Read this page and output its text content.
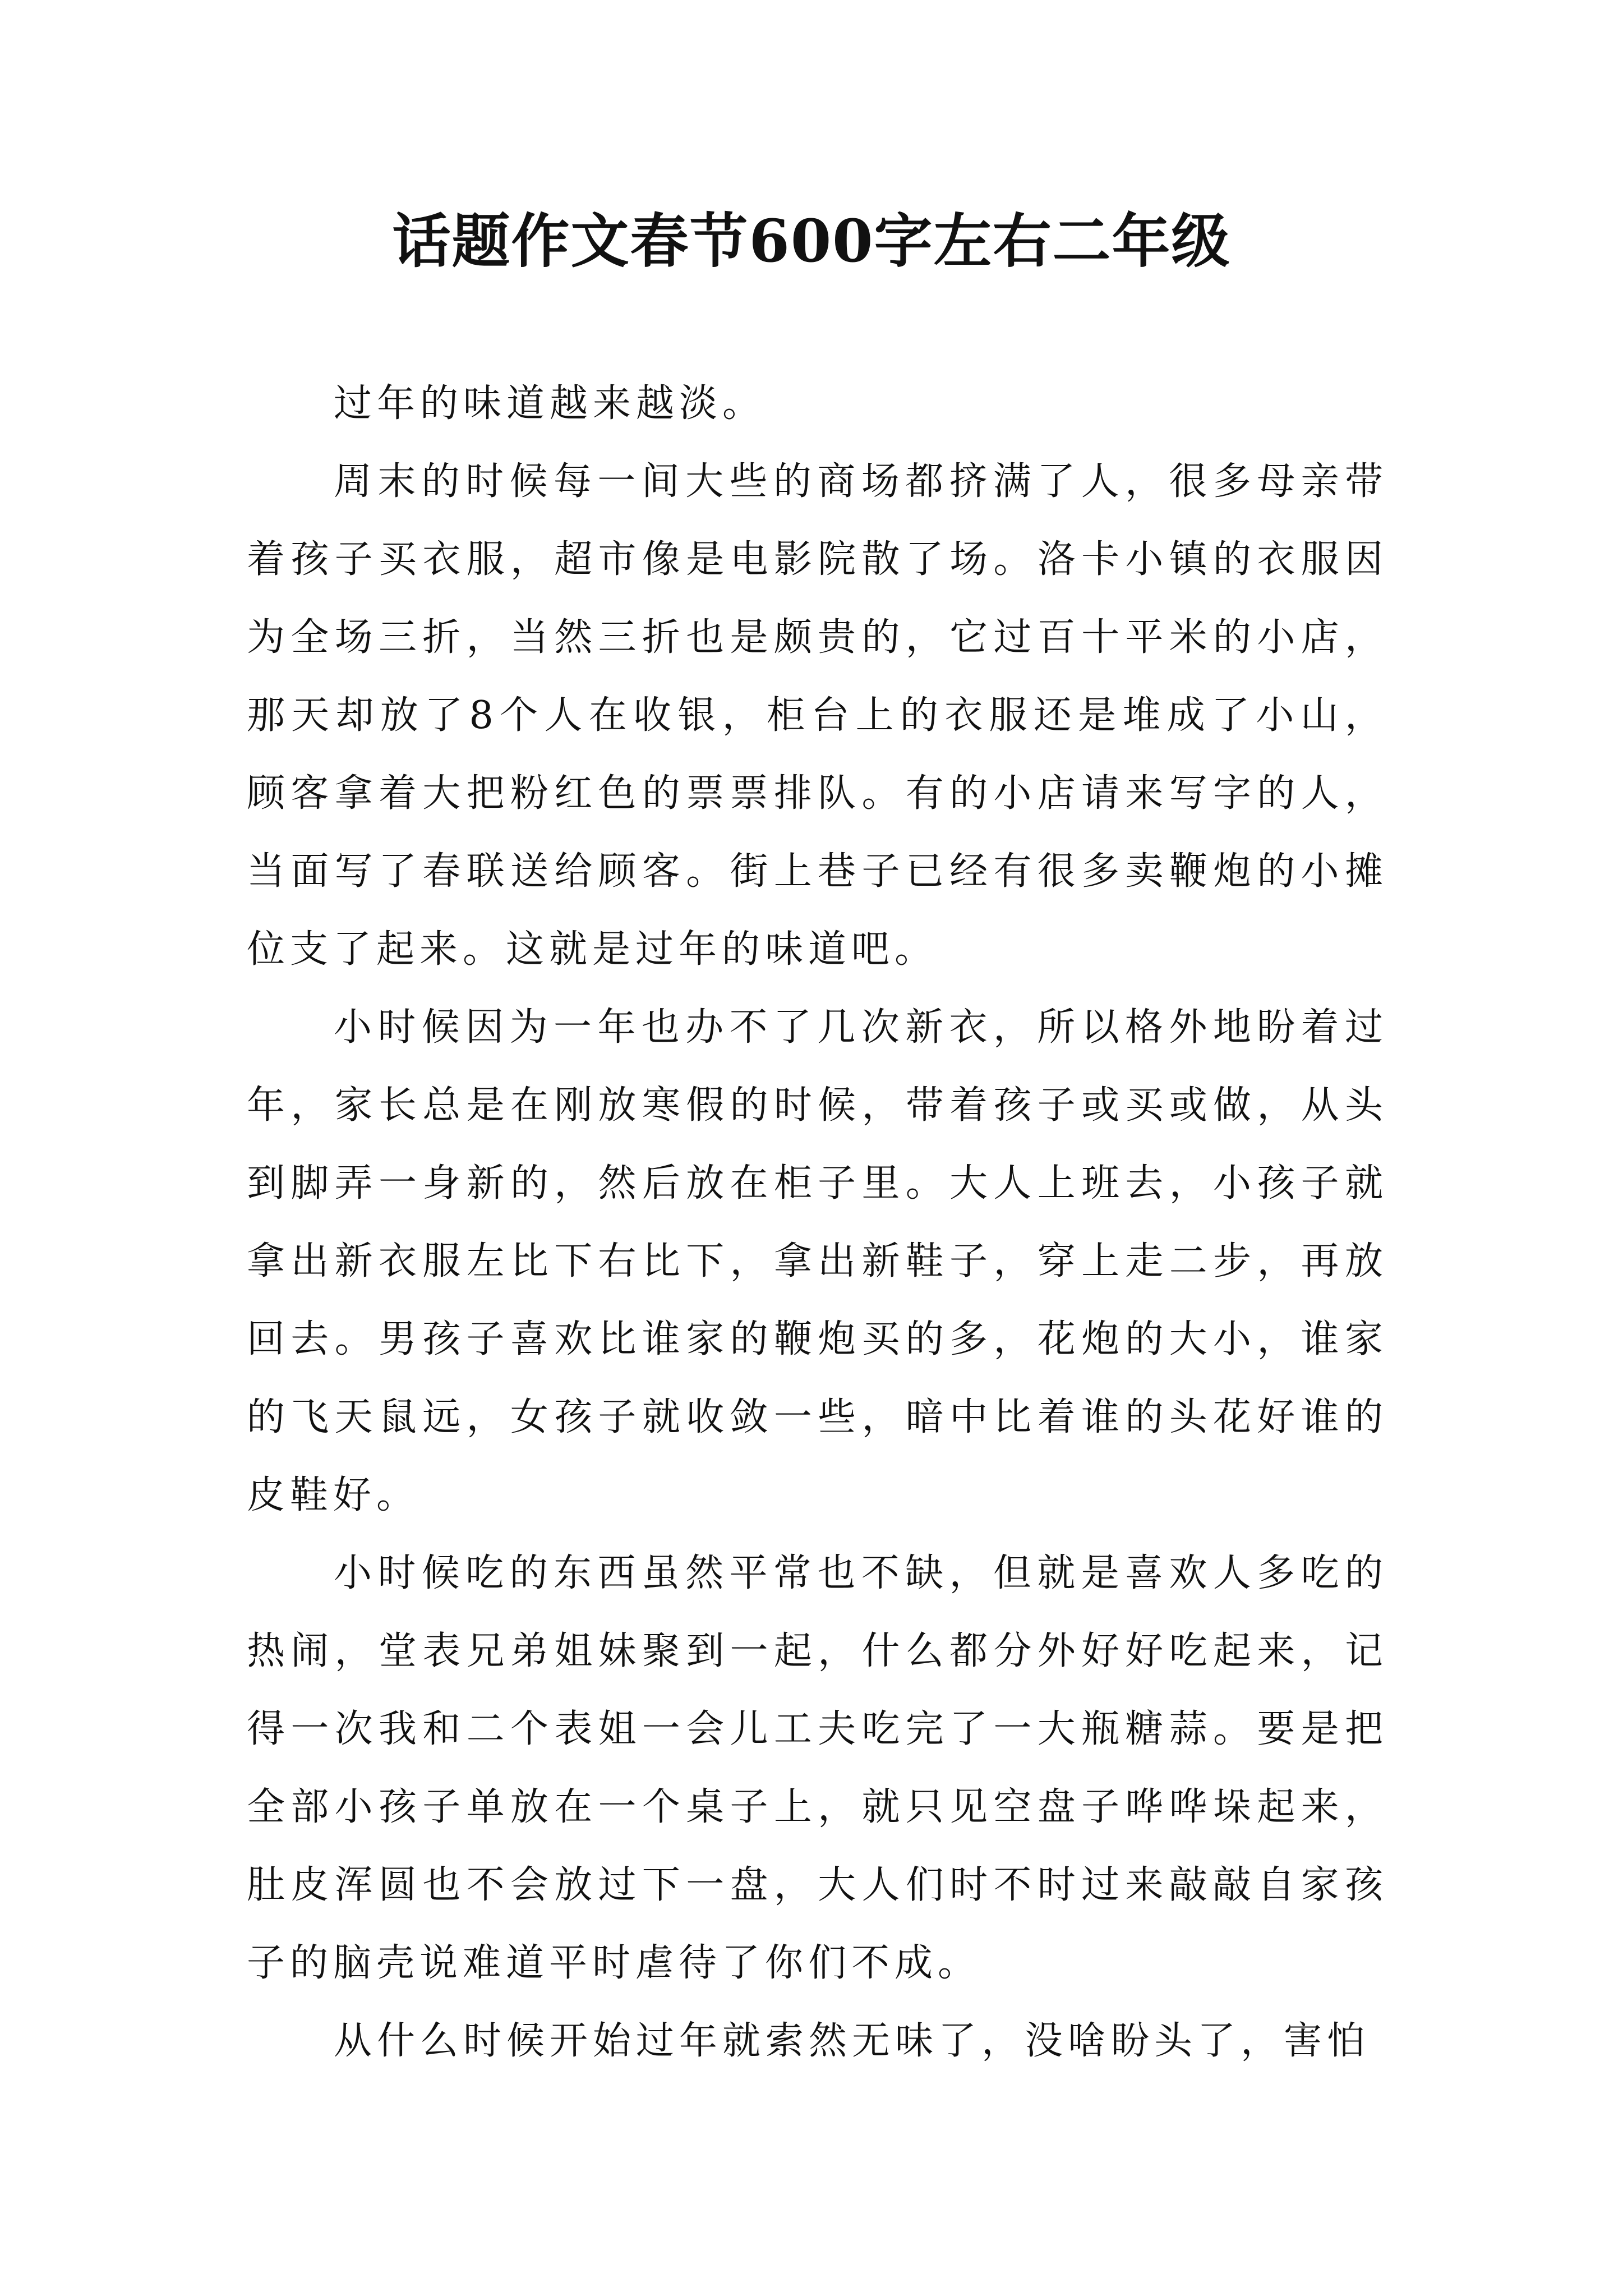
话题作文春节600字左右二年级

过年的味道越来越淡。

周末的时候每一间大些的商场都挤满了人，很多母亲带着孩子买衣服，超市像是电影院散了场。洛卡小镇的衣服因为全场三折，当然三折也是颇贵的，它过百十平米的小店，那天却放了8个人在收银，柜台上的衣服还是堆成了小山，顾客拿着大把粉红色的票票排队。有的小店请来写字的人，当面写了春联送给顾客。街上巷子已经有很多卖鞭炮的小摊位支了起来。这就是过年的味道吧。

小时候因为一年也办不了几次新衣，所以格外地盼着过年，家长总是在刚放寒假的时候，带着孩子或买或做，从头到脚弄一身新的，然后放在柜子里。大人上班去，小孩子就拿出新衣服左比下右比下，拿出新鞋子，穿上走二步，再放回去。男孩子喜欢比谁家的鞭炮买的多，花炮的大小，谁家的飞天鼠远，女孩子就收敛一些，暗中比着谁的头花好谁的皮鞋好。

小时候吃的东西虽然平常也不缺，但就是喜欢人多吃的热闹，堂表兄弟姐妹聚到一起，什么都分外好好吃起来，记得一次我和二个表姐一会儿工夫吃完了一大瓶糖蒜。要是把全部小孩子单放在一个桌子上，就只见空盘子哗哗垛起来，肚皮浑圆也不会放过下一盘，大人们时不时过来敲敲自家孩子的脑壳说难道平时虐待了你们不成。

从什么时候开始过年就索然无味了，没啥盼头了，害怕
